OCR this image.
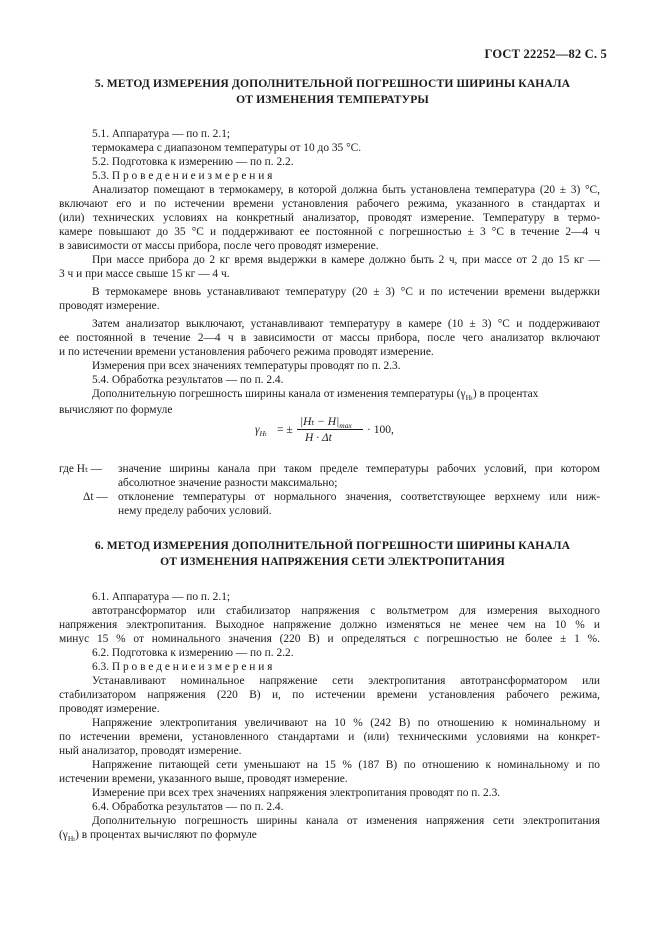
ГОСТ 22252—82 С. 5
5. МЕТОД ИЗМЕРЕНИЯ ДОПОЛНИТЕЛЬНОЙ ПОГРЕШНОСТИ ШИРИНЫ КАНАЛА
ОТ ИЗМЕНЕНИЯ ТЕМПЕРАТУРЫ
5.1. Аппаратура — по п. 2.1;
термокамера с диапазоном температуры от 10 до 35 °С.
5.2. Подготовка к измерению — по п. 2.2.
5.3. П р о в е д е н и е и з м е р е н и я
Анализатор помещают в термокамеру, в которой должна быть установлена температура (20 ± 3) °С,
включают его и по истечении времени установления рабочего режима, указанного в стандартах и
(или) технических условиях на конкретный анализатор, проводят измерение. Температуру в термо-
камере повышают до 35 °С и поддерживают ее постоянной с погрешностью ± 3 °С в течение 2—4 ч
в зависимости от массы прибора, после чего проводят измерение.
При массе прибора до 2 кг время выдержки в камере должно быть 2 ч, при массе от 2 до 15 кг —
3 ч и при массе свыше 15 кг — 4 ч.
В термокамере вновь устанавливают температуру (20 ± 3) °С и по истечении времени выдержки
проводят измерение.
Затем анализатор выключают, устанавливают температуру в камере (10 ± 3) °С и поддерживают
ее постоянной в течение 2—4 ч в зависимости от массы прибора, после чего анализатор включают
и по истечении времени установления рабочего режима проводят измерение.
Измерения при всех значениях температуры проводят по п. 2.3.
5.4. Обработка результатов — по п. 2.4.
Дополнительную погрешность ширины канала от изменения температуры $(\gamma_{H_t})$ в процентах
вычисляют по формуле
$\gamma_{H_t}$ = ±
$|H_t - H|_{max}$
H · Δt
· 100,
где Hₜ — значение ширины канала при таком пределе температуры рабочих условий, при котором
абсолютное значение разности максимально;
Δt — отклонение температуры от нормального значения, соответствующее верхнему или ниж-
нему пределу рабочих условий.
6. МЕТОД ИЗМЕРЕНИЯ ДОПОЛНИТЕЛЬНОЙ ПОГРЕШНОСТИ ШИРИНЫ КАНАЛА
ОТ ИЗМЕНЕНИЯ НАПРЯЖЕНИЯ СЕТИ ЭЛЕКТРОПИТАНИЯ
6.1. Аппаратура — по п. 2.1;
автотрансформатор или стабилизатор напряжения с вольтметром для измерения выходного
напряжения электропитания. Выходное напряжение должно изменяться не менее чем на 10 % и
минус 15 % от номинального значения (220 В) и определяться с погрешностью не более ± 1 %.
6.2. Подготовка к измерению — по п. 2.2.
6.3. П р о в е д е н и е и з м е р е н и я
Устанавливают номинальное напряжение сети электропитания автотрансформатором или
стабилизатором напряжения (220 В) и, по истечении времени установления рабочего режима,
проводят измерение.
Напряжение электропитания увеличивают на 10 % (242 В) по отношению к номинальному и
по истечении времени, установленного стандартами и (или) техническими условиями на конкрет-
ный анализатор, проводят измерение.
Напряжение питающей сети уменьшают на 15 % (187 В) по отношению к номинальному и по
истечении времени, указанного выше, проводят измерение.
Измерение при всех трех значениях напряжения электропитания проводят по п. 2.3.
6.4. Обработка результатов — по п. 2.4.
Дополнительную погрешность ширины канала от изменения напряжения сети электропитания
$(\gamma_{H_t})$ в процентах вычисляют по формуле
